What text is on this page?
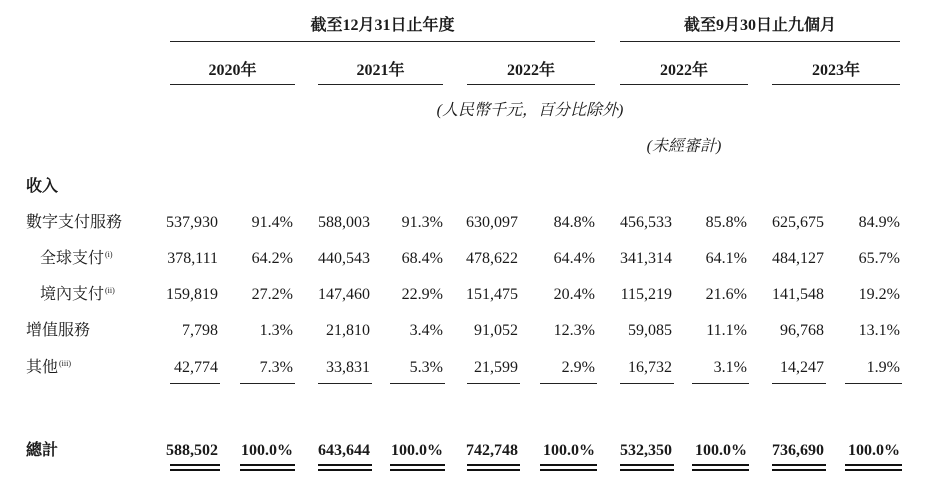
截至12月31日止年度	截至9月30日止九個月
2020年	2021年	2022年	2022年	2023年
(人民幣千元，百分比除外)
(未經審計)
收入
數字支付服務	537,930	91.4%	588,003	91.3%	630,097	84.8%	456,533	85.8%	625,675	84.9%
全球支付$^{(i)}$	378,111	64.2%	440,543	68.4%	478,622	64.4%	341,314	64.1%	484,127	65.7%
境內支付$^{(ii)}$	159,819	27.2%	147,460	22.9%	151,475	20.4%	115,219	21.6%	141,548	19.2%
增值服務	7,798	1.3%	21,810	3.4%	91,052	12.3%	59,085	11.1%	96,768	13.1%
其他$^{(iii)}$	42,774	7.3%	33,831	5.3%	21,599	2.9%	16,732	3.1%	14,247	1.9%
總計	588,502	100.0%	643,644	100.0%	742,748	100.0%	532,350	100.0%	736,690	100.0%
